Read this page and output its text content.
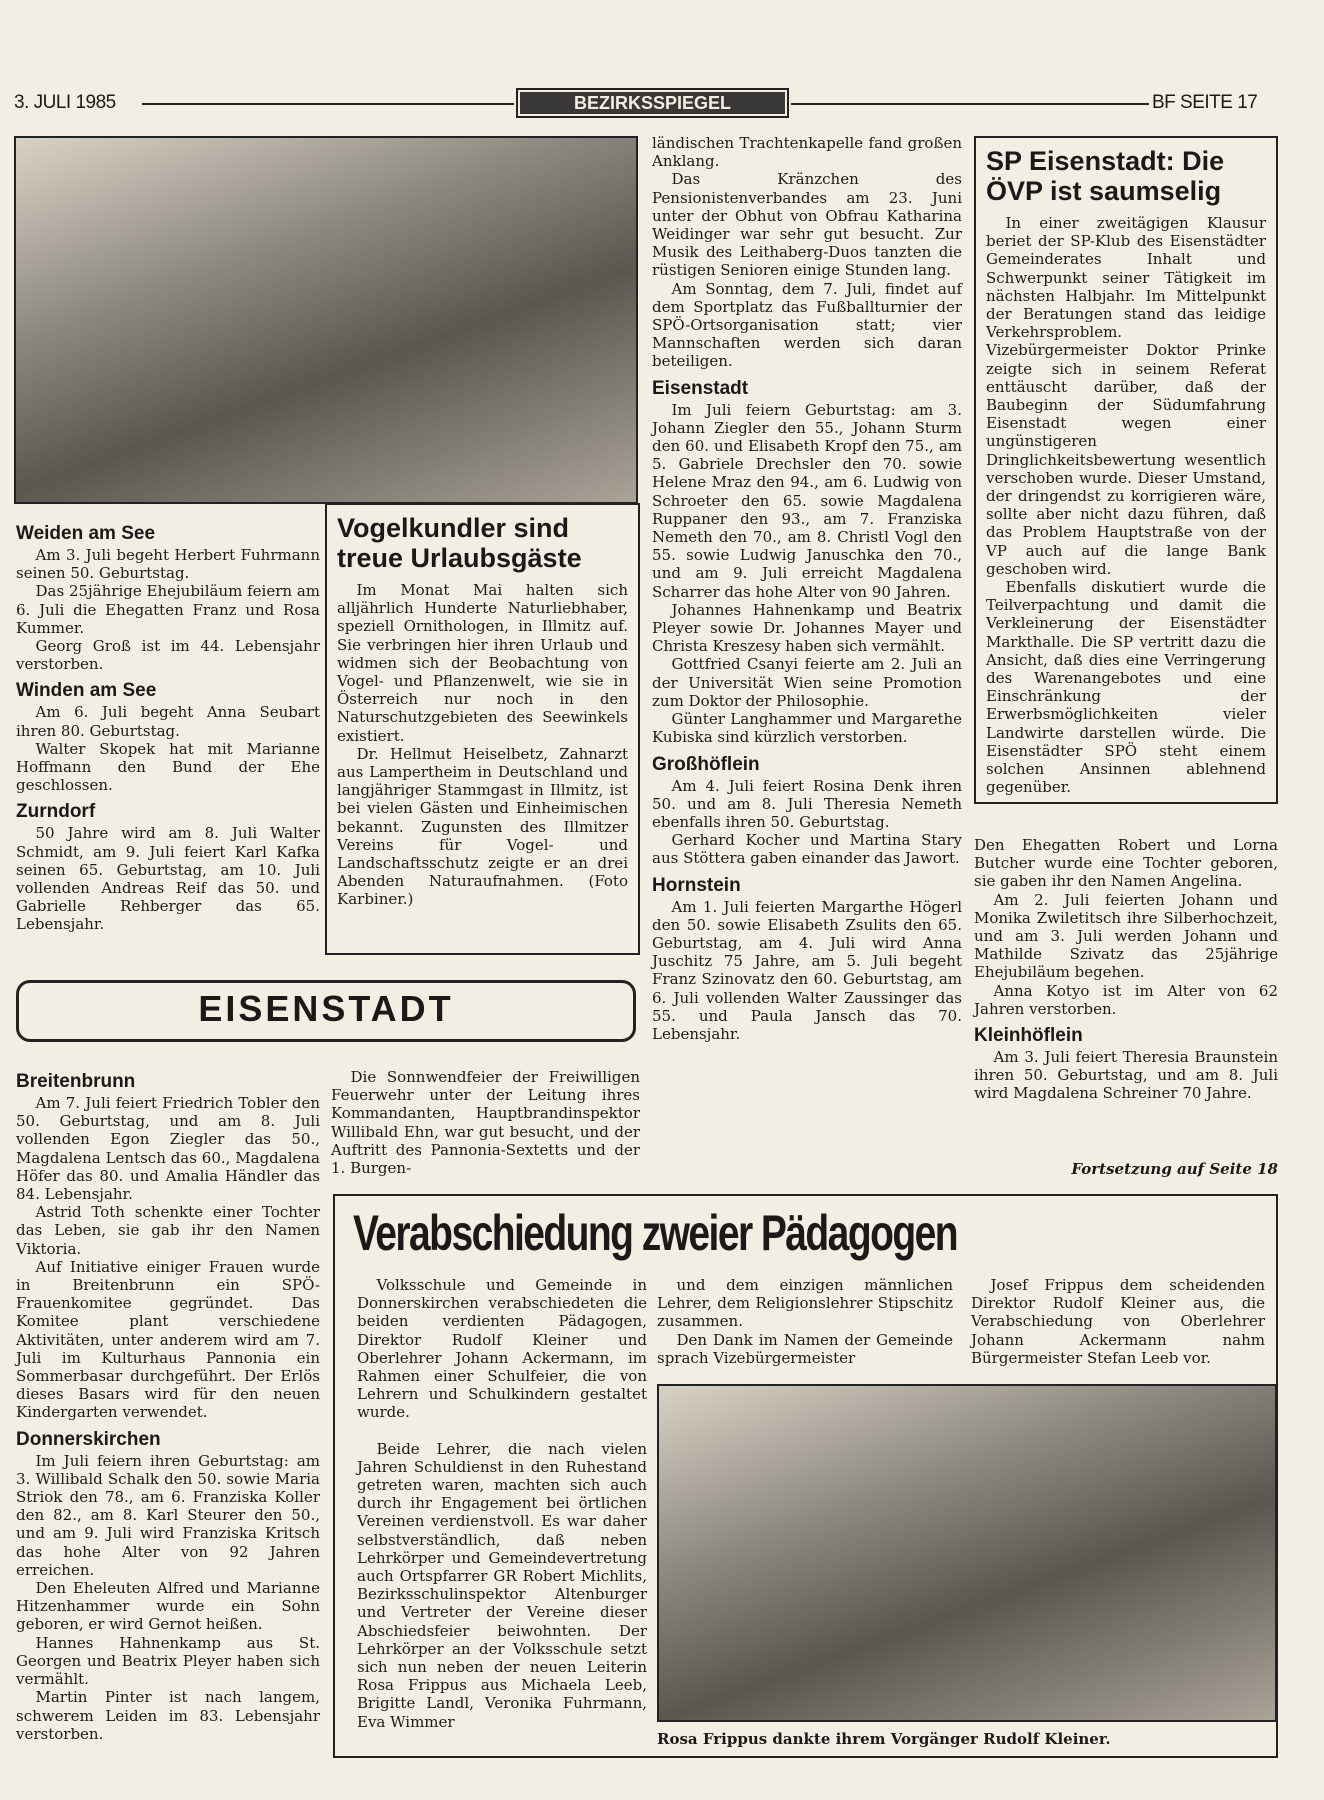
3. JULI 1985	BEZIRKSSPIEGEL	BF SEITE 17
Weiden am See

Am 3. Juli begeht Herbert Fuhrmann seinen 50. Geburtstag.

Das 25jährige Ehejubiläum feiern am 6. Juli die Ehegatten Franz und Rosa Kummer.

Georg Groß ist im 44. Lebensjahr verstorben.

Winden am See

Am 6. Juli begeht Anna Seubart ihren 80. Geburtstag.

Walter Skopek hat mit Marianne Hoffmann den Bund der Ehe geschlossen.

Zurndorf

50 Jahre wird am 8. Juli Walter Schmidt, am 9. Juli feiert Karl Kafka seinen 65. Geburtstag, am 10. Juli vollenden Andreas Reif das 50. und Gabrielle Rehberger das 65. Lebensjahr.

Vogelkundler sind treue Urlaubsgäste

Im Monat Mai halten sich alljährlich Hunderte Naturliebhaber, speziell Ornithologen, in Illmitz auf. Sie verbringen hier ihren Urlaub und widmen sich der Beobachtung von Vogel- und Pflanzenwelt, wie sie in Österreich nur noch in den Naturschutzgebieten des Seewinkels existiert.

Dr. Hellmut Heiselbetz, Zahnarzt aus Lampertheim in Deutschland und langjähriger Stammgast in Illmitz, ist bei vielen Gästen und Einheimischen bekannt. Zugunsten des Illmitzer Vereins für Vogel- und Landschaftsschutz zeigte er an drei Abenden Naturaufnahmen. (Foto Karbiner.)

ländischen Trachtenkapelle fand großen Anklang.

Das Kränzchen des Pensionistenverbandes am 23. Juni unter der Obhut von Obfrau Katharina Weidinger war sehr gut besucht. Zur Musik des Leithaberg-Duos tanzten die rüstigen Senioren einige Stunden lang.

Am Sonntag, dem 7. Juli, findet auf dem Sportplatz das Fußballturnier der SPÖ-Ortsorganisation statt; vier Mannschaften werden sich daran beteiligen.

Eisenstadt

Im Juli feiern Geburtstag: am 3. Johann Ziegler den 55., Johann Sturm den 60. und Elisabeth Kropf den 75., am 5. Gabriele Drechsler den 70. sowie Helene Mraz den 94., am 6. Ludwig von Schroeter den 65. sowie Magdalena Ruppaner den 93., am 7. Franziska Nemeth den 70., am 8. Christl Vogl den 55. sowie Ludwig Januschka den 70., und am 9. Juli erreicht Magdalena Scharrer das hohe Alter von 90 Jahren.

Johannes Hahnenkamp und Beatrix Pleyer sowie Dr. Johannes Mayer und Christa Kreszesy haben sich vermählt.

Gottfried Csanyi feierte am 2. Juli an der Universität Wien seine Promotion zum Doktor der Philosophie.

Günter Langhammer und Margarethe Kubiska sind kürzlich verstorben.

Großhöflein

Am 4. Juli feiert Rosina Denk ihren 50. und am 8. Juli Theresia Nemeth ebenfalls ihren 50. Geburtstag.

Gerhard Kocher und Martina Stary aus Stöttera gaben einander das Jawort.

Hornstein

Am 1. Juli feierten Margarthe Högerl den 50. sowie Elisabeth Zsulits den 65. Geburtstag, am 4. Juli wird Anna Juschitz 75 Jahre, am 5. Juli begeht Franz Szinovatz den 60. Geburtstag, am 6. Juli vollenden Walter Zaussinger das 55. und Paula Jansch das 70. Lebensjahr.

SP Eisenstadt: Die ÖVP ist saumselig

In einer zweitägigen Klausur beriet der SP-Klub des Eisenstädter Gemeinderates Inhalt und Schwerpunkt seiner Tätigkeit im nächsten Halbjahr. Im Mittelpunkt der Beratungen stand das leidige Verkehrsproblem. Vizebürgermeister Doktor Prinke zeigte sich in seinem Referat enttäuscht darüber, daß der Baubeginn der Südumfahrung Eisenstadt wegen einer ungünstigeren Dringlichkeitsbewertung wesentlich verschoben wurde. Dieser Umstand, der dringendst zu korrigieren wäre, sollte aber nicht dazu führen, daß das Problem Hauptstraße von der VP auch auf die lange Bank geschoben wird.

Ebenfalls diskutiert wurde die Teilverpachtung und damit die Verkleinerung der Eisenstädter Markthalle. Die SP vertritt dazu die Ansicht, daß dies eine Verringerung des Warenangebotes und eine Einschränkung der Erwerbsmöglichkeiten vieler Landwirte darstellen würde. Die Eisenstädter SPÖ steht einem solchen Ansinnen ablehnend gegenüber.

Den Ehegatten Robert und Lorna Butcher wurde eine Tochter geboren, sie gaben ihr den Namen Angelina.

Am 2. Juli feierten Johann und Monika Zwiletitsch ihre Silberhochzeit, und am 3. Juli werden Johann und Mathilde Szivatz das 25jährige Ehejubiläum begehen.

Anna Kotyo ist im Alter von 62 Jahren verstorben.

Kleinhöflein

Am 3. Juli feiert Theresia Braunstein ihren 50. Geburtstag, und am 8. Juli wird Magdalena Schreiner 70 Jahre.

Fortsetzung auf Seite 18
EISENSTADT
Breitenbrunn

Am 7. Juli feiert Friedrich Tobler den 50. Geburtstag, und am 8. Juli vollenden Egon Ziegler das 50., Magdalena Lentsch das 60., Magdalena Höfer das 80. und Amalia Händler das 84. Lebensjahr.

Astrid Toth schenkte einer Tochter das Leben, sie gab ihr den Namen Viktoria.

Auf Initiative einiger Frauen wurde in Breitenbrunn ein SPÖ-Frauenkomitee gegründet. Das Komitee plant verschiedene Aktivitäten, unter anderem wird am 7. Juli im Kulturhaus Pannonia ein Sommerbasar durchgeführt. Der Erlös dieses Basars wird für den neuen Kindergarten verwendet.

Donnerskirchen

Im Juli feiern ihren Geburtstag: am 3. Willibald Schalk den 50. sowie Maria Striok den 78., am 6. Franziska Koller den 82., am 8. Karl Steurer den 50., und am 9. Juli wird Franziska Kritsch das hohe Alter von 92 Jahren erreichen.

Den Eheleuten Alfred und Marianne Hitzenhammer wurde ein Sohn geboren, er wird Gernot heißen.

Hannes Hahnenkamp aus St. Georgen und Beatrix Pleyer haben sich vermählt.

Martin Pinter ist nach langem, schwerem Leiden im 83. Lebensjahr verstorben.

Die Sonnwendfeier der Freiwilligen Feuerwehr unter der Leitung ihres Kommandanten, Hauptbrandinspektor Willibald Ehn, war gut besucht, und der Auftritt des Pannonia-Sextetts und der 1. Burgen-

Verabschiedung zweier Pädagogen

Volksschule und Gemeinde in Donnerskirchen verabschiedeten die beiden verdienten Pädagogen, Direktor Rudolf Kleiner und Oberlehrer Johann Ackermann, im Rahmen einer Schulfeier, die von Lehrern und Schulkindern gestaltet wurde.

Beide Lehrer, die nach vielen Jahren Schuldienst in den Ruhestand getreten waren, machten sich auch durch ihr Engagement bei örtlichen Vereinen verdienstvoll. Es war daher selbstverständlich, daß neben Lehrkörper und Gemeindevertretung auch Ortspfarrer GR Robert Michlits, Bezirksschulinspektor Altenburger und Vertreter der Vereine dieser Abschiedsfeier beiwohnten. Der Lehrkörper an der Volksschule setzt sich nun neben der neuen Leiterin Rosa Frippus aus Michaela Leeb, Brigitte Landl, Veronika Fuhrmann, Eva Wimmer

und dem einzigen männlichen Lehrer, dem Religionslehrer Stipschitz zusammen.

Den Dank im Namen der Gemeinde sprach Vizebürgermeister

Josef Frippus dem scheidenden Direktor Rudolf Kleiner aus, die Verabschiedung von Oberlehrer Johann Ackermann nahm Bürgermeister Stefan Leeb vor.

Rosa Frippus dankte ihrem Vorgänger Rudolf Kleiner.
